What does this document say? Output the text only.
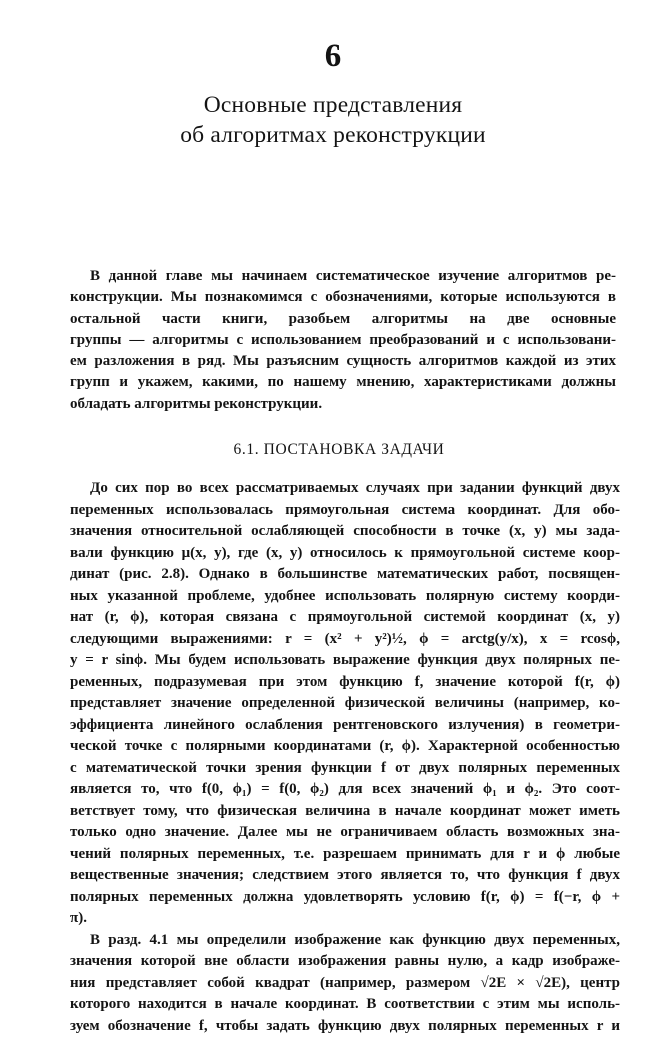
6
Основные представления
об алгоритмах реконструкции
В данной главе мы начинаем систематическое изучение алгоритмов ре-
конструкции. Мы познакомимся с обозначениями, которые используются в
остальной части книги, разобьем алгоритмы на две основные
группы — алгоритмы с использованием преобразований и с использовани-
ем разложения в ряд. Мы разъясним сущность алгоритмов каждой из этих
групп и укажем, какими, по нашему мнению, характеристиками должны
обладать алгоритмы реконструкции.
6.1. ПОСТАНОВКА ЗАДАЧИ
До сих пор во всех рассматриваемых случаях при задании функций двух
переменных использовалась прямоугольная система координат. Для обо-
значения относительной ослабляющей способности в точке (x, y) мы зада-
вали функцию μ(x, y), где (x, y) относилось к прямоугольной системе коор-
динат (рис. 2.8). Однако в большинстве математических работ, посвящен-
ных указанной проблеме, удобнее использовать полярную систему коорди-
нат (r, ϕ), которая связана с прямоугольной системой координат (x, y)
следующими выражениями: r = (x² + y²)½, ϕ = arctg(y/x), x = rcosϕ,
y = r sinϕ. Мы будем использовать выражение функция двух полярных пе-
ременных, подразумевая при этом функцию f, значение которой f(r, ϕ)
представляет значение определенной физической величины (например, ко-
эффициента линейного ослабления рентгеновского излучения) в геометри-
ческой точке с полярными координатами (r, ϕ). Характерной особенностью
с математической точки зрения функции f от двух полярных переменных
является то, что f(0, ϕ₁) = f(0, ϕ₂) для всех значений ϕ₁ и ϕ₂. Это соот-
ветствует тому, что физическая величина в начале координат может иметь
только одно значение. Далее мы не ограничиваем область возможных зна-
чений полярных переменных, т.е. разрешаем принимать для r и ϕ любые
вещественные значения; следствием этого является то, что функция f двух
полярных переменных должна удовлетворять условию f(r, ϕ) = f(−r, ϕ +
π).
В разд. 4.1 мы определили изображение как функцию двух переменных,
значения которой вне области изображения равны нулю, а кадр изображе-
ния представляет собой квадрат (например, размером √2E × √2E), центр
которого находится в начале координат. В соответствии с этим мы исполь-
зуем обозначение f, чтобы задать функцию двух полярных переменных r и
